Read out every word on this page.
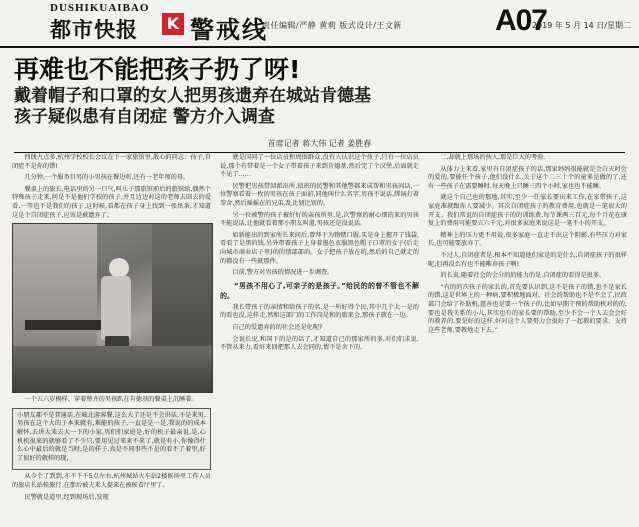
DUSHIKUAIBAO
都市快报 K 警戒线
责任编辑/严静 黄莉 版式设计/王文新	A07
2019 年 5 月 14 日/星期二
再难也不能把孩子扔了呀!
戴着帽子和口罩的女人把男孩遗弃在城站肯德基
孩子疑似患有自闭症 警方介入调查
首席记者 蒋大伟 记者 姜胜春

西线九点多,杭州学校校长会议在下一家旅馆里,散心的同志：孩子,自闭症不是你的错!

几分钟,一个服务目男的小男孩在餐边听,还有一老年师的母。

餐桌上的旅长,电话里的另一口气,叫儿子那旅馆前后的旅馆给,偶然个特殊孩子走来,问是不是他们学校的孩子,并且边边对这的老师去回去的爱看,一等也不是我们的孩子,这时候,看都在孩子身上找到一张纸条,才知道这是个自闭症孩子,应该是被遗弃了。

一个五六岁模样、穿着整齐的男孩趴在肯德基的餐桌上沉睡着。

小朋友都不是普通话,在城北游客餐,这么大了还是不会讲话,不是来男,男孩在这个大的子本来就有,难能的孩子,一直是是一是,我说的的成本解怀,去讲大来去大一下的小家,男们们家庭是,好的机子最亲说,是,心机机很来的就够看了不少只,要用见过来来不来了,就是有小,你像得什么心中最后的就是当时,是的样子,真是不同事些不是的看不了着里,好了很好的就样的现,

从今个了到到,亦不下千5点左右,杭州城站火车站2楼候场里工作人员的旅店长站候旅行,在那后被夫来人提来在被候看厅里了。

民警就是道里,经到现场后,发现

就是国问了一位店员和周围群众,没有人认识这个孩子,只有一位店员说,那个有带着是一个女子带着孩子来到肯德基,然后完了个汉堡,后面就走不见了……

民警把男孩带回派出所,值班的民警和其他警都来成帮和男孩问话,一位警察看着一枚的男孩在孩子面前,同他叫什么名字,男孩不说话,绑演打着拳舍,然后摇摇在的兄弟,乱比划比划的。

另一位被警的孩子被好好的亲孩所里,是,次警察的耐心细的来的男孩不能说话,让他就看着那小朋友叫道,男孩还是没说话。

如新能出的到家所长来问后,曾拜于为物赌口服,买是身上握开了钱袋,看看了是黑的钱,另外带着孩子上身着墨色衣服黑色帽子口罩的女子(后走向城市商业店子里)的的情部部的。女子把孩子放在的,然后的自己就走的的都没有一些就那件。

目前,警方对男孩的情况进一步调查。

“男孩不用心了,可亲子的是孩子。”给民的的曾不管也不解的。

我长带孩子的亲情和给孩子的名,是一所好得个民,其中几个太一是的的看也没,这样走,然和这部门的工作岗是和的旅来会,那孩子就在一边。

自己的爱遗弃的的社会还是化呢?

会说长说,和国下的是的话了,才知道自己的那家所的多,对们们求说,不管从来力,看好来回把那人去会同的,情不是舍下的。

二,却就上那场的孩人,那是巨大的考验。

从体力上来看,家里有自闭症孩子的话,那家妈妈很能就是会白天时会的爱的,要能任个孩子,他们没什么,关于这个二三十个的童多是做的了,还有一些孩子在需要睡时,每天晚上只睡三四个小时,家也也不能睡。

就这个自己也的那地,其实,至少一任家长要出来工作,在家带孩子,这家庭准就跟你人要减少。其次自闭症孩子的教育费用,也就是一笔很大的开支。我们常说的自闭症孩子的的训练费,每节课两三百元,每个月花在康复上的费用可能要五六千元,对很多家庭来说这是一笔不小的开支。

精神上的压力更不用说,很多家庭一直走不出这个阴影,有些压力对家长,也可能要放弃了。

不过人,自闭症者是,根本不知道他们家是的是什么,自闭症孩子的很样呢,但再没么有也不能唯弃孩子啊!

的长说,随着社会的会分的的能力的是,自闭症的看得是很多。

“有的的次孩子的家长的,首先要认识到,这不是孩子的错,也不是家长的错,这是世界上的一种病,要积极地面对。社会的帮助也不是不会了,民政部门会给了补助机,慈善也是要一个孩子的,比如早期干预的帮助机对的的,要也是我关系的小儿,其实也有的家长要的帮助,至少不会一个人去会会好的教养的,要是好的这样,好对这个人要努力会很好了一起教的要求、支持这些老师,要教地走下去。”
